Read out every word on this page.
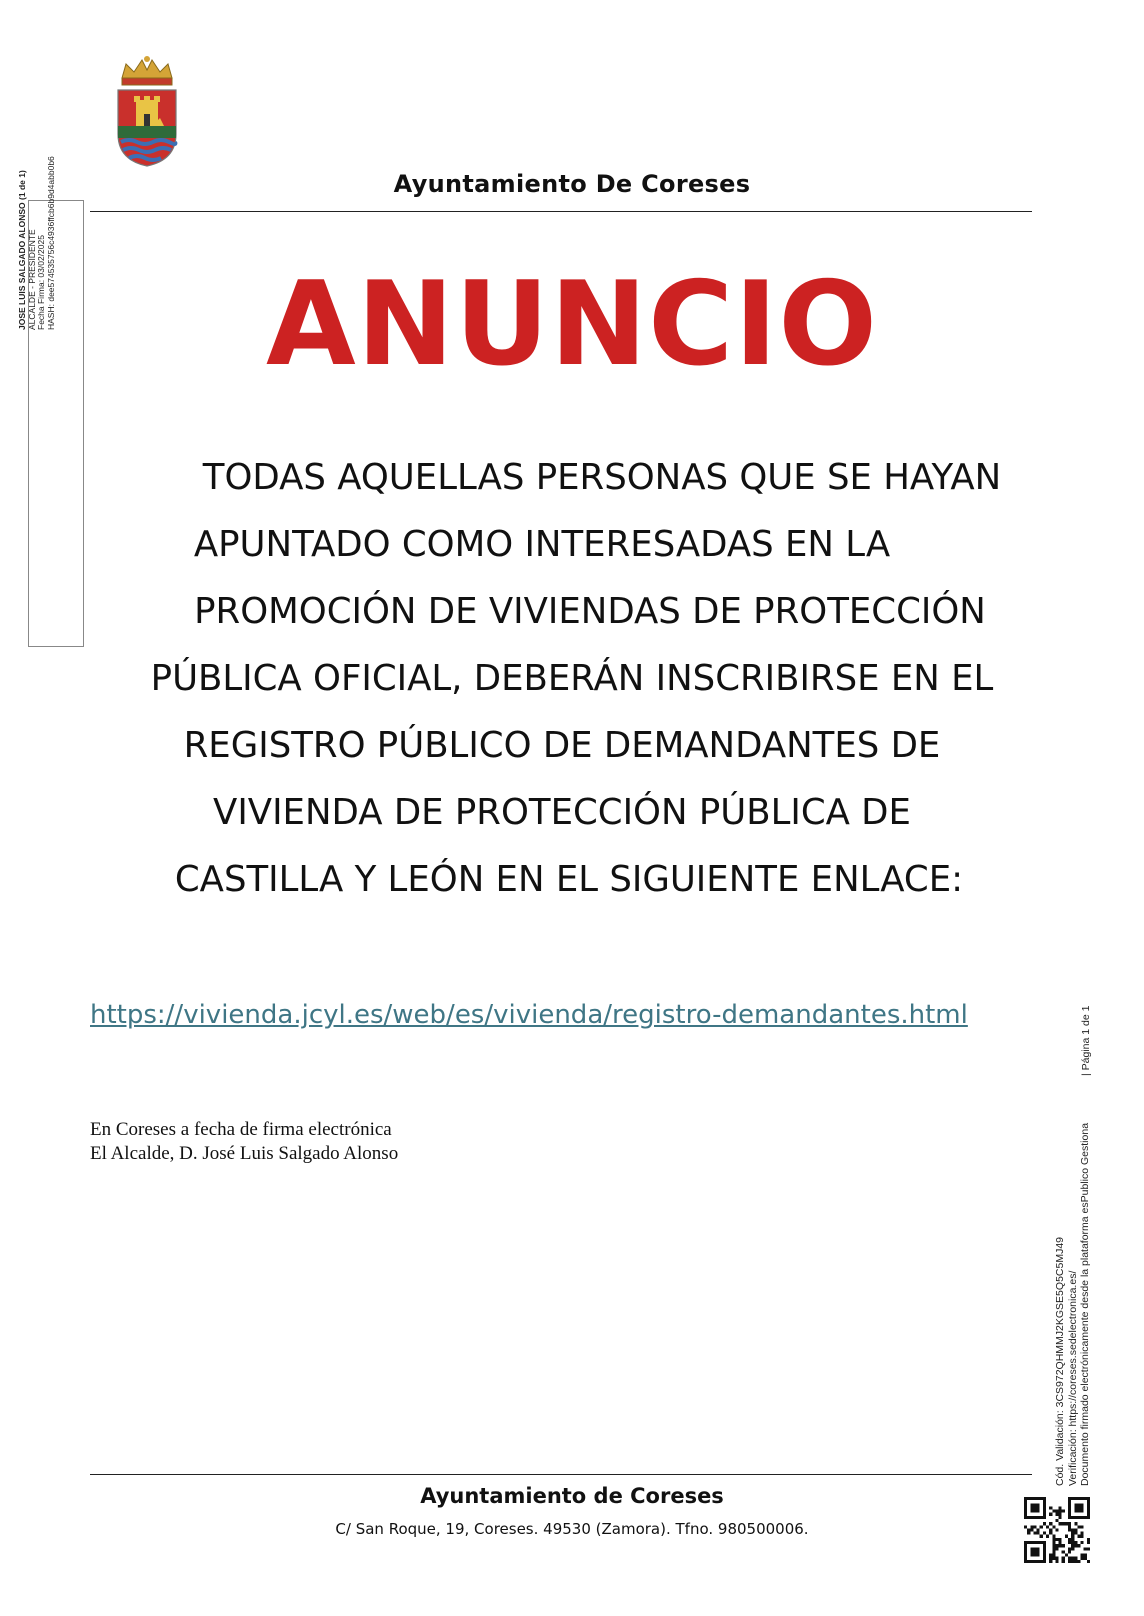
Ayuntamiento De Coreses
ANUNCIO
TODAS AQUELLAS PERSONAS QUE SE HAYAN
APUNTADO COMO INTERESADAS EN LA
PROMOCIÓN DE VIVIENDAS DE PROTECCIÓN
PÚBLICA OFICIAL, DEBERÁN INSCRIBIRSE EN EL
REGISTRO PÚBLICO DE DEMANDANTES DE
VIVIENDA DE PROTECCIÓN PÚBLICA DE
CASTILLA Y LEÓN EN EL SIGUIENTE ENLACE:
https://vivienda.jcyl.es/web/es/vivienda/registro-demandantes.html
En Coreses a fecha de firma electrónica
El Alcalde, D. José Luis Salgado Alonso
Ayuntamiento de Coreses
C/ San Roque, 19, Coreses. 49530 (Zamora). Tfno. 980500006.
JOSE LUIS SALGADO ALONSO (1 de 1) ALCALDE - PRESIDENTE Fecha Firma: 03/02/2025 HASH: dee574535756c4936ffcb6b9d4abb0b6
Cód. Validación: 3CS972QHMMJ2KGSE5Q5C5MJ49 Verificación: https://coreses.sedelectronica.es/ Documento firmado electrónicamente desde la plataforma esPublico Gestiona
| Página 1 de 1
